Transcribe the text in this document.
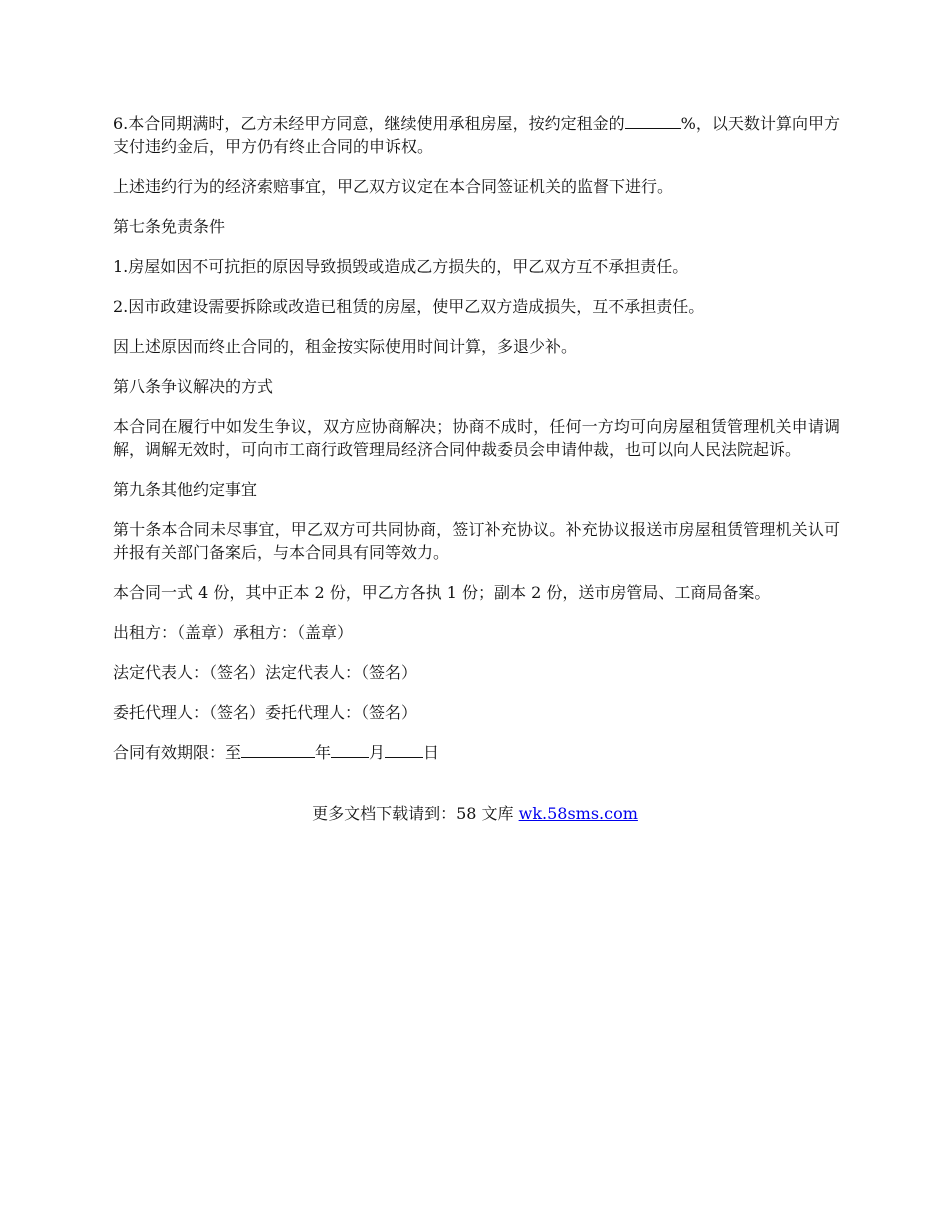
6.本合同期满时，乙方未经甲方同意，继续使用承租房屋，按约定租金的	%，以天数计算向甲方支付违约金后，甲方仍有终止合同的申诉权。

上述违约行为的经济索赔事宜，甲乙双方议定在本合同签证机关的监督下进行。

第七条免责条件

1.房屋如因不可抗拒的原因导致损毁或造成乙方损失的，甲乙双方互不承担责任。

2.因市政建设需要拆除或改造已租赁的房屋，使甲乙双方造成损失，互不承担责任。

因上述原因而终止合同的，租金按实际使用时间计算，多退少补。

第八条争议解决的方式

本合同在履行中如发生争议，双方应协商解决；协商不成时，任何一方均可向房屋租赁管理机关申请调解，调解无效时，可向市工商行政管理局经济合同仲裁委员会申请仲裁，也可以向人民法院起诉。

第九条其他约定事宜

第十条本合同未尽事宜，甲乙双方可共同协商，签订补充协议。补充协议报送市房屋租赁管理机关认可并报有关部门备案后，与本合同具有同等效力。

本合同一式 4 份，其中正本 2 份，甲乙方各执 1 份；副本 2 份，送市房管局、工商局备案。

出租方：（盖章）承租方：（盖章）

法定代表人：（签名）法定代表人：（签名）

委托代理人：（签名）委托代理人：（签名）

合同有效期限：至	年 月 日

更多文档下载请到：58 文库 wk.58sms.com
